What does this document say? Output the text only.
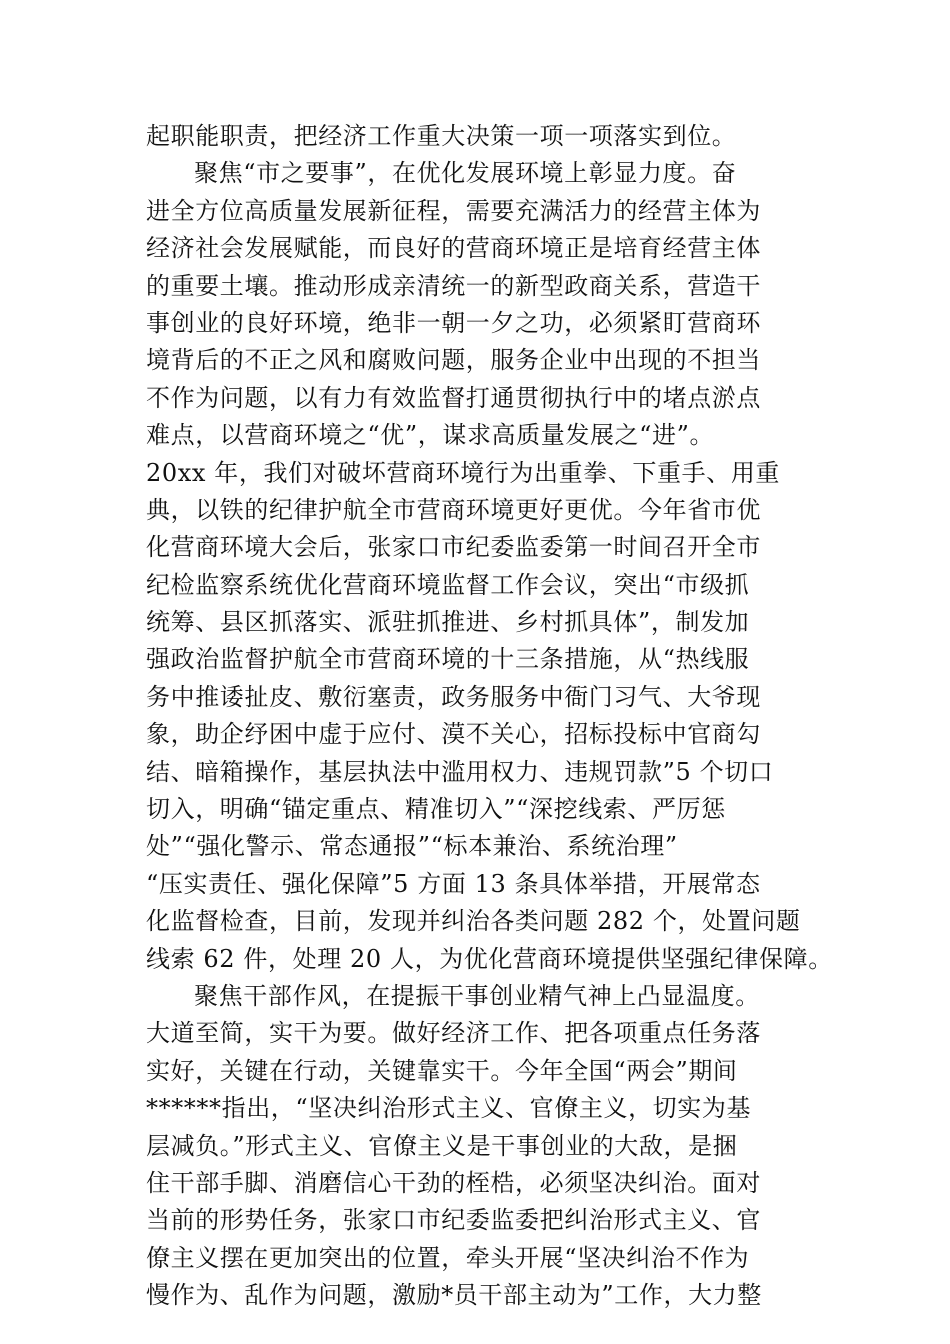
起职能职责，把经济工作重大决策一项一项落实到位。
聚焦“市之要事”，在优化发展环境上彰显力度。奋
进全方位高质量发展新征程，需要充满活力的经营主体为
经济社会发展赋能，而良好的营商环境正是培育经营主体
的重要土壤。推动形成亲清统一的新型政商关系，营造干
事创业的良好环境，绝非一朝一夕之功，必须紧盯营商环
境背后的不正之风和腐败问题，服务企业中出现的不担当
不作为问题，以有力有效监督打通贯彻执行中的堵点淤点
难点，以营商环境之“优”，谋求高质量发展之“进”。
20xx 年，我们对破坏营商环境行为出重拳、下重手、用重
典，以铁的纪律护航全市营商环境更好更优。今年省市优
化营商环境大会后，张家口市纪委监委第一时间召开全市
纪检监察系统优化营商环境监督工作会议，突出“市级抓
统筹、县区抓落实、派驻抓推进、乡村抓具体”，制发加
强政治监督护航全市营商环境的十三条措施，从“热线服
务中推诿扯皮、敷衍塞责，政务服务中衙门习气、大爷现
象，助企纾困中虚于应付、漠不关心，招标投标中官商勾
结、暗箱操作，基层执法中滥用权力、违规罚款”5 个切口
切入，明确“锚定重点、精准切入”“深挖线索、严厉惩
处”“强化警示、常态通报”“标本兼治、系统治理”
“压实责任、强化保障”5 方面 13 条具体举措，开展常态
化监督检查，目前，发现并纠治各类问题 282 个，处置问题
线索 62 件，处理 20 人，为优化营商环境提供坚强纪律保障。
聚焦干部作风，在提振干事创业精气神上凸显温度。
大道至简，实干为要。做好经济工作、把各项重点任务落
实好，关键在行动，关键靠实干。今年全国“两会”期间
******指出，“坚决纠治形式主义、官僚主义，切实为基
层减负。”形式主义、官僚主义是干事创业的大敌，是捆
住干部手脚、消磨信心干劲的桎梏，必须坚决纠治。面对
当前的形势任务，张家口市纪委监委把纠治形式主义、官
僚主义摆在更加突出的位置，牵头开展“坚决纠治不作为
慢作为、乱作为问题，激励*员干部主动为”工作，大力整
